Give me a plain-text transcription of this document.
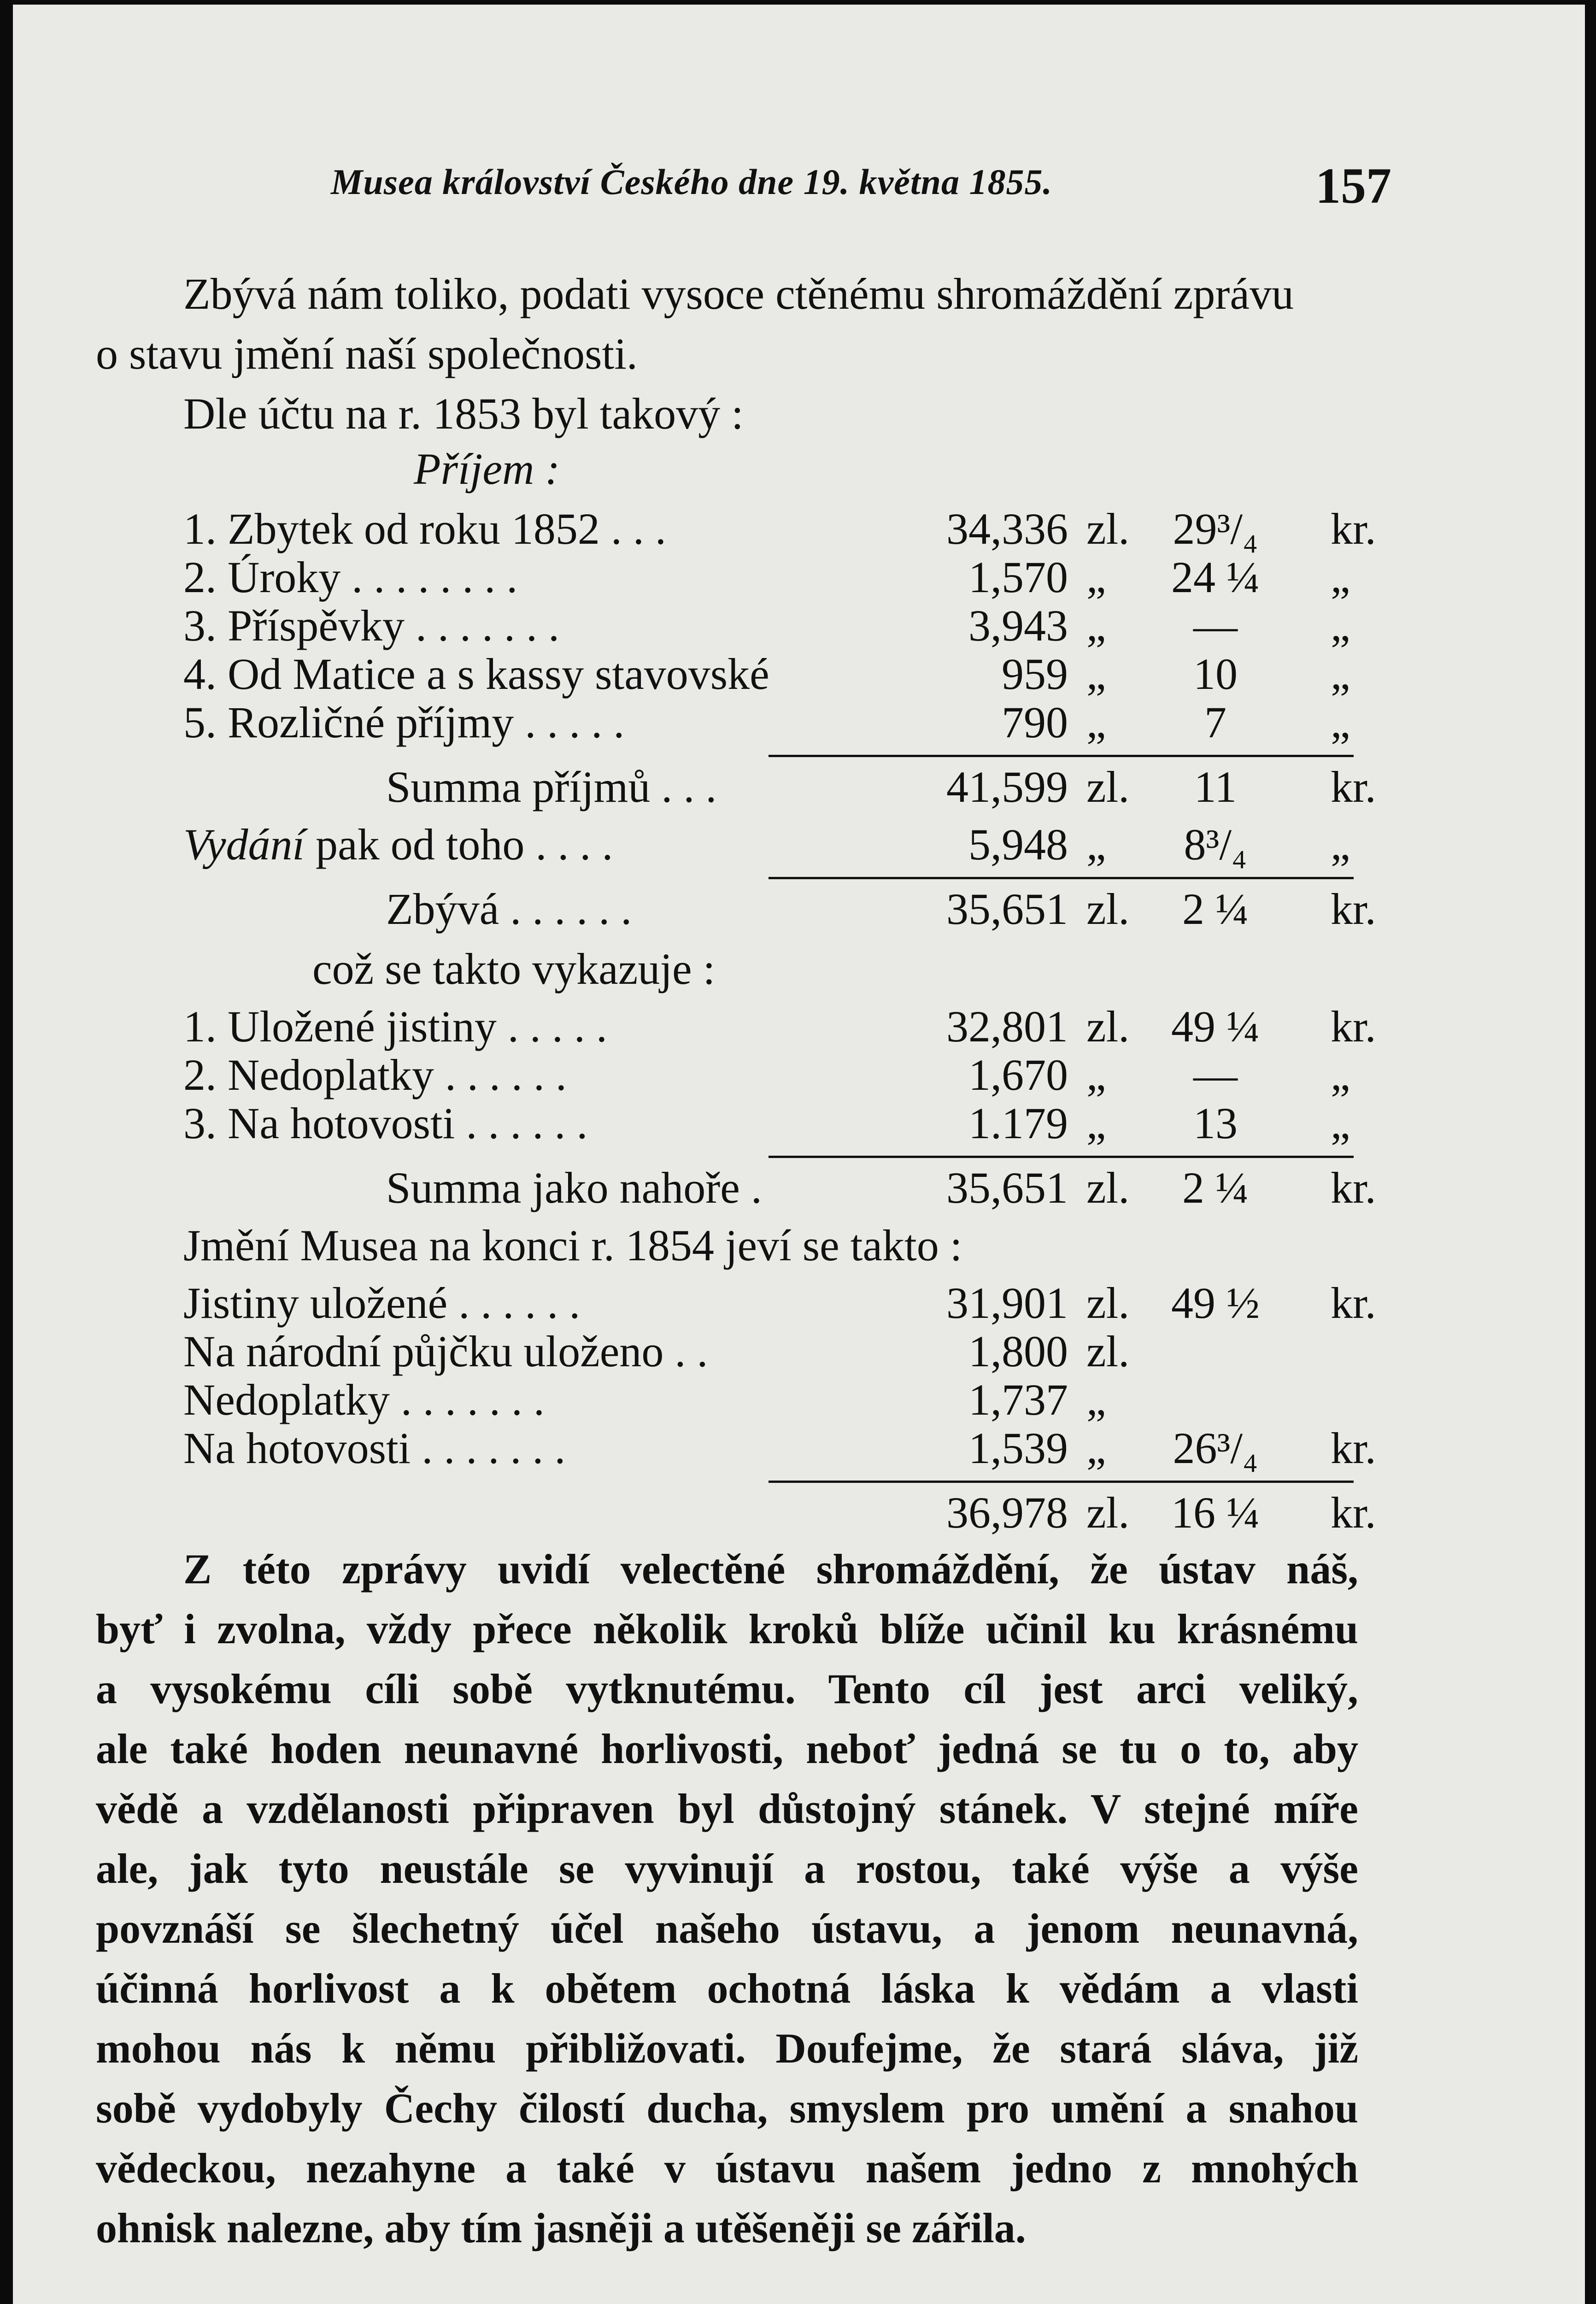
Musea království Českého dne 19. května 1855.	157
Zbývá nám toliko, podati vysoce ctěnému shromáždění zprávu
o stavu jmění naší společnosti.
Dle účtu na r. 1853 byl takový :
Příjem :
1. Zbytek od roku 1852 . . .	34,336 zl. 29³/₄	kr.
2. Úroky . . . . . . . .	1,570 „	24 ¼	„
3. Příspěvky . . . . . . .	3,943 „	—	„
4. Od Matice a s kassy stavovské	959 „	10	„
5. Rozličné příjmy . . . . .	790 „	7	„
Summa příjmů . . .	41,599 zl.	11	kr.
Vydání pak od toho . . . .	5,948 „	8³/₄	„
Zbývá . . . . . .	35,651 zl.	2 ¼	kr.
což se takto vykazuje :
1. Uložené jistiny . . . . .	32,801 zl. 49 ¼	kr.
2. Nedoplatky . . . . . .	1,670 „	—	„
3. Na hotovosti . . . . . .	1.179 „	13	„
Summa jako nahoře .	35,651 zl.	2 ¼	kr.
Jmění Musea na konci r. 1854 jeví se takto :
Jistiny uložené . . . . . .	31,901 zl. 49 ½	kr.
Na národní půjčku uloženo . .	1,800 zl.
Nedoplatky . . . . . . .	1,737 „
Na hotovosti . . . . . . .	1,539 „	26³/₄	kr.
36,978 zl. 16 ¼	kr.
Z této zprávy uvidí velectěné shromáždění, že ústav náš,
byť i zvolna, vždy přece několik kroků blíže učinil ku krásnému
a vysokému cíli sobě vytknutému. Tento cíl jest arci veliký,
ale také hoden neunavné horlivosti, neboť jedná se tu o to, aby
vědě a vzdělanosti připraven byl důstojný stánek. V stejné míře
ale, jak tyto neustále se vyvinují a rostou, také výše a výše
povznáší se šlechetný účel našeho ústavu, a jenom neunavná,
účinná horlivost a k obětem ochotná láska k vědám a vlasti
mohou nás k němu přibližovati. Doufejme, že stará sláva, již
sobě vydobyly Čechy čilostí ducha, smyslem pro umění a snahou
vědeckou, nezahyne a také v ústavu našem jedno z mnohých
ohnisk nalezne, aby tím jasněji a utěšeněji se zářila.
